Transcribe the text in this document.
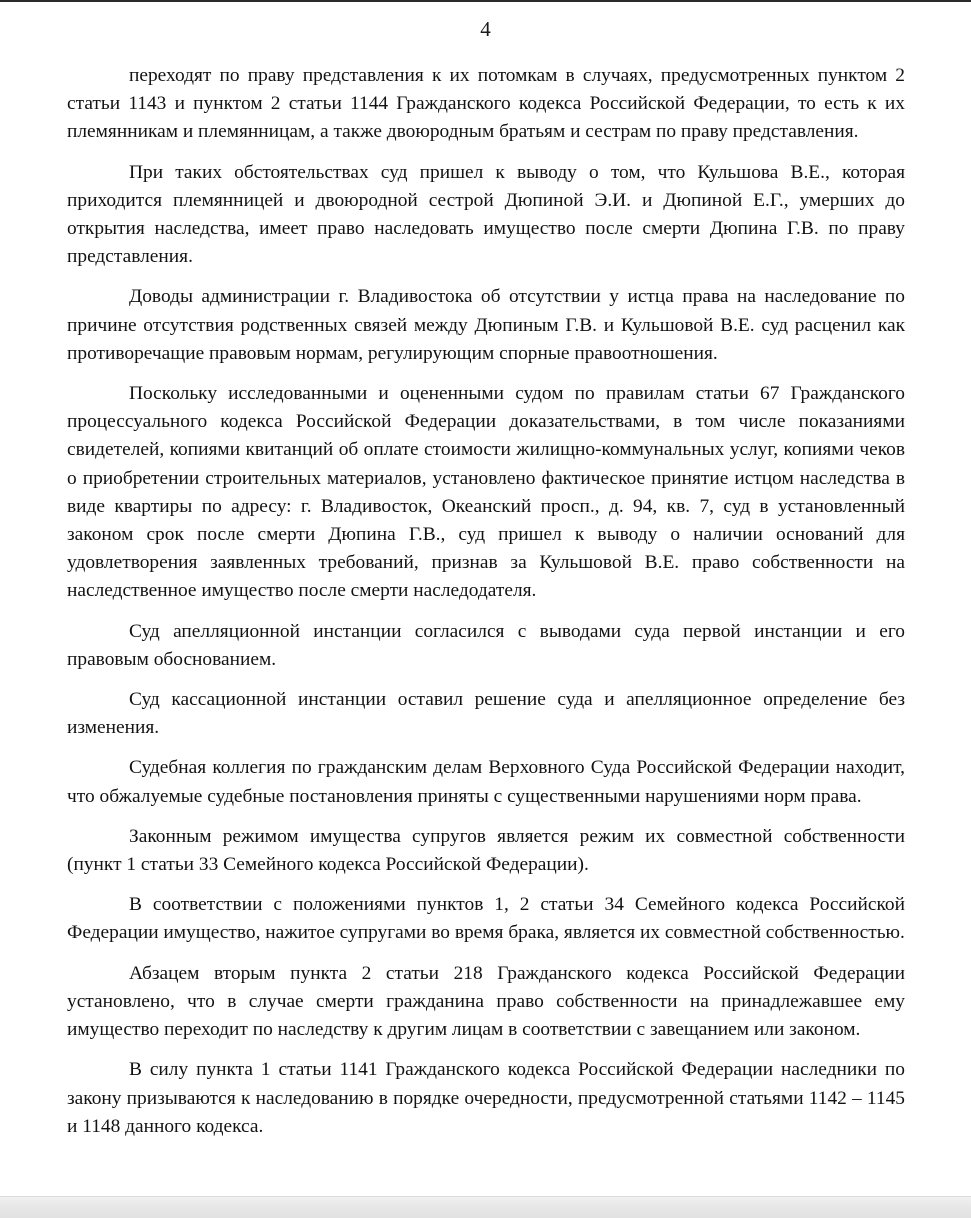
4

переходят по праву представления к их потомкам в случаях, предусмотренных пунктом 2 статьи 1143 и пунктом 2 статьи 1144 Гражданского кодекса Российской Федерации, то есть к их племянникам и племянницам, а также двоюродным братьям и сестрам по праву представления.

При таких обстоятельствах суд пришел к выводу о том, что Кульшова В.Е., которая приходится племянницей и двоюродной сестрой Дюпиной Э.И. и Дюпиной Е.Г., умерших до открытия наследства, имеет право наследовать имущество после смерти Дюпина Г.В. по праву представления.

Доводы администрации г. Владивостока об отсутствии у истца права на наследование по причине отсутствия родственных связей между Дюпиным Г.В. и Кульшовой В.Е. суд расценил как противоречащие правовым нормам, регулирующим спорные правоотношения.

Поскольку исследованными и оцененными судом по правилам статьи 67 Гражданского процессуального кодекса Российской Федерации доказательствами, в том числе показаниями свидетелей, копиями квитанций об оплате стоимости жилищно-коммунальных услуг, копиями чеков о приобретении строительных материалов, установлено фактическое принятие истцом наследства в виде квартиры по адресу: г. Владивосток, Океанский просп., д. 94, кв. 7, суд в установленный законом срок после смерти Дюпина Г.В., суд пришел к выводу о наличии оснований для удовлетворения заявленных требований, признав за Кульшовой В.Е. право собственности на наследственное имущество после смерти наследодателя.

Суд апелляционной инстанции согласился с выводами суда первой инстанции и его правовым обоснованием.

Суд кассационной инстанции оставил решение суда и апелляционное определение без изменения.

Судебная коллегия по гражданским делам Верховного Суда Российской Федерации находит, что обжалуемые судебные постановления приняты с существенными нарушениями норм права.

Законным режимом имущества супругов является режим их совместной собственности (пункт 1 статьи 33 Семейного кодекса Российской Федерации).

В соответствии с положениями пунктов 1, 2 статьи 34 Семейного кодекса Российской Федерации имущество, нажитое супругами во время брака, является их совместной собственностью.

Абзацем вторым пункта 2 статьи 218 Гражданского кодекса Российской Федерации установлено, что в случае смерти гражданина право собственности на принадлежавшее ему имущество переходит по наследству к другим лицам в соответствии с завещанием или законом.

В силу пункта 1 статьи 1141 Гражданского кодекса Российской Федерации наследники по закону призываются к наследованию в порядке очередности, предусмотренной статьями 1142 – 1145 и 1148 данного кодекса.
